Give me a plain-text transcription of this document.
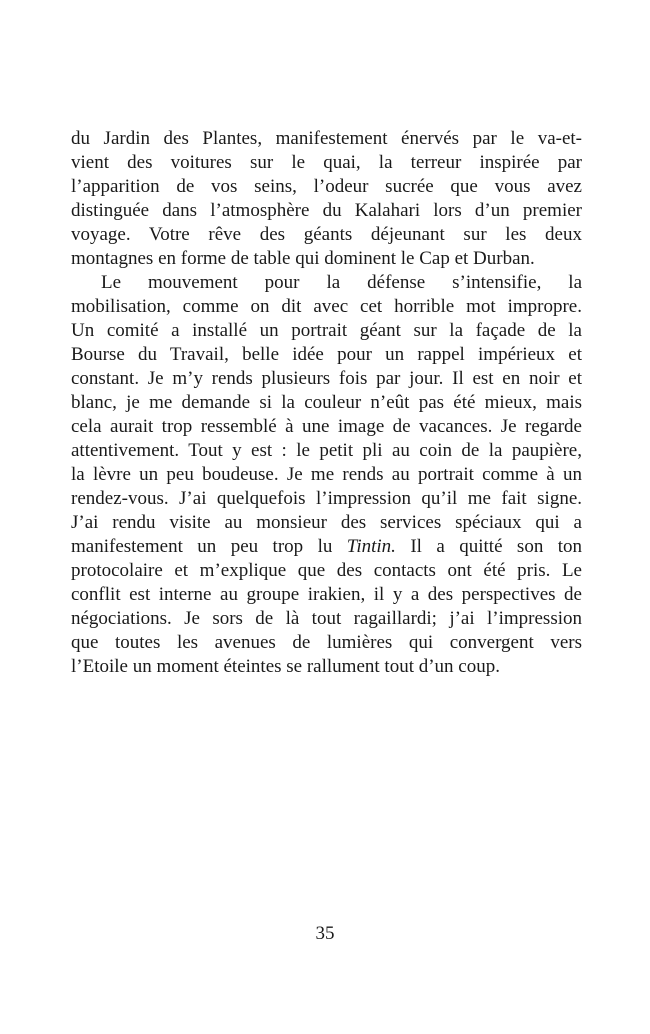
du Jardin des Plantes, manifestement énervés par le va-et-
vient des voitures sur le quai, la terreur inspirée par
l’apparition de vos seins, l’odeur sucrée que vous avez
distinguée dans l’atmosphère du Kalahari lors d’un premier
voyage. Votre rêve des géants déjeunant sur les deux
montagnes en forme de table qui dominent le Cap et Durban.
Le mouvement pour la défense s’intensifie, la
mobilisation, comme on dit avec cet horrible mot impropre.
Un comité a installé un portrait géant sur la façade de la
Bourse du Travail, belle idée pour un rappel impérieux et
constant. Je m’y rends plusieurs fois par jour. Il est en noir et
blanc, je me demande si la couleur n’eût pas été mieux, mais
cela aurait trop ressemblé à une image de vacances. Je regarde
attentivement. Tout y est : le petit pli au coin de la paupière,
la lèvre un peu boudeuse. Je me rends au portrait comme à un
rendez-vous. J’ai quelquefois l’impression qu’il me fait signe.
J’ai rendu visite au monsieur des services spéciaux qui a
manifestement un peu trop lu Tintin. Il a quitté son ton
protocolaire et m’explique que des contacts ont été pris. Le
conflit est interne au groupe irakien, il y a des perspectives de
négociations. Je sors de là tout ragaillardi; j’ai l’impression
que toutes les avenues de lumières qui convergent vers
l’Etoile un moment éteintes se rallument tout d’un coup.
35
